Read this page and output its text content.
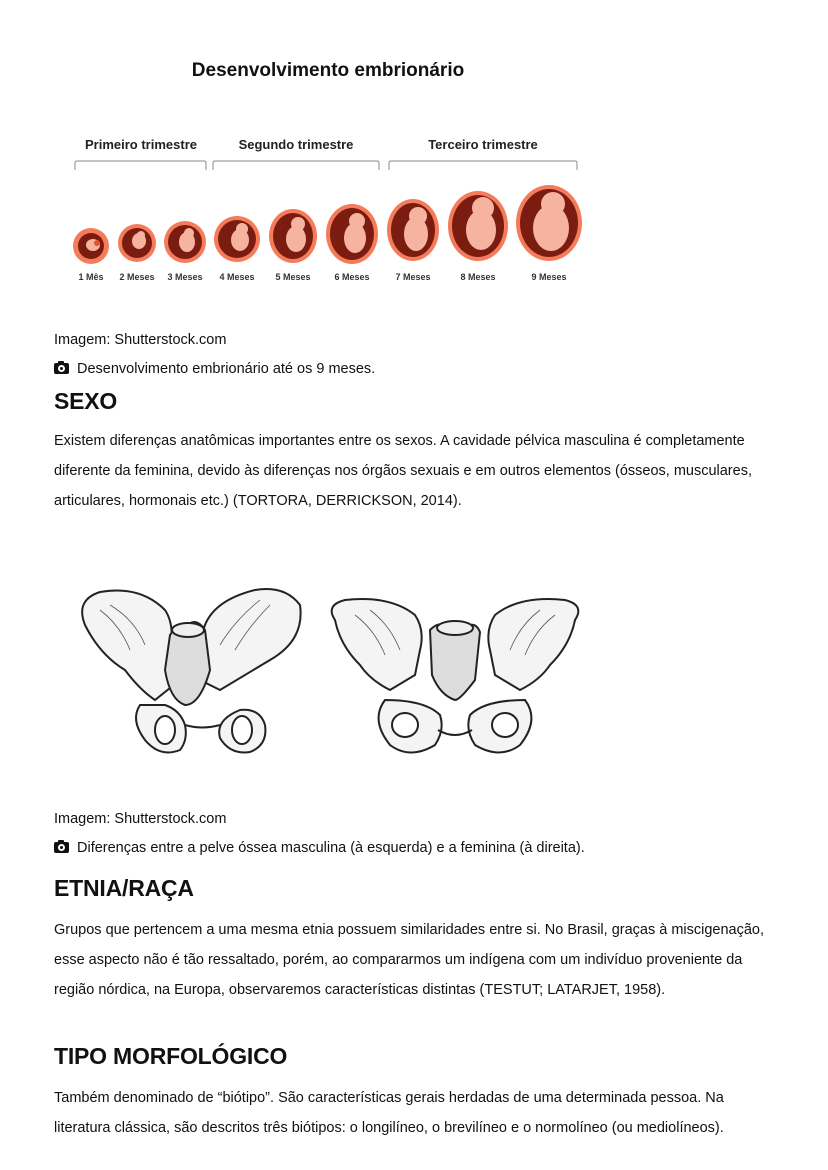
Desenvolvimento embrionário
Primeiro trimestre	Segundo trimestre	Terceiro trimestre
1 Mês	2 Meses	3 Meses	4 Meses	5 Meses	6 Meses	7 Meses	8 Meses	9 Meses
Imagem: Shutterstock.com
Desenvolvimento embrionário até os 9 meses.
SEXO

Existem diferenças anatômicas importantes entre os sexos. A cavidade pélvica masculina é completamente diferente da feminina, devido às diferenças nos órgãos sexuais e em outros elementos (ósseos, musculares, articulares, hormonais etc.) (TORTORA, DERRICKSON, 2014).

Imagem: Shutterstock.com
Diferenças entre a pelve óssea masculina (à esquerda) e a feminina (à direita).
ETNIA/RAÇA

Grupos que pertencem a uma mesma etnia possuem similaridades entre si. No Brasil, graças à miscigenação, esse aspecto não é tão ressaltado, porém, ao compararmos um indígena com um indivíduo proveniente da região nórdica, na Europa, observaremos características distintas (TESTUT; LATARJET, 1958).

TIPO MORFOLÓGICO

Também denominado de “biótipo”. São características gerais herdadas de uma determinada pessoa. Na literatura clássica, são descritos três biótipos: o longilíneo, o brevilíneo e o normolíneo (ou mediolíneos).
